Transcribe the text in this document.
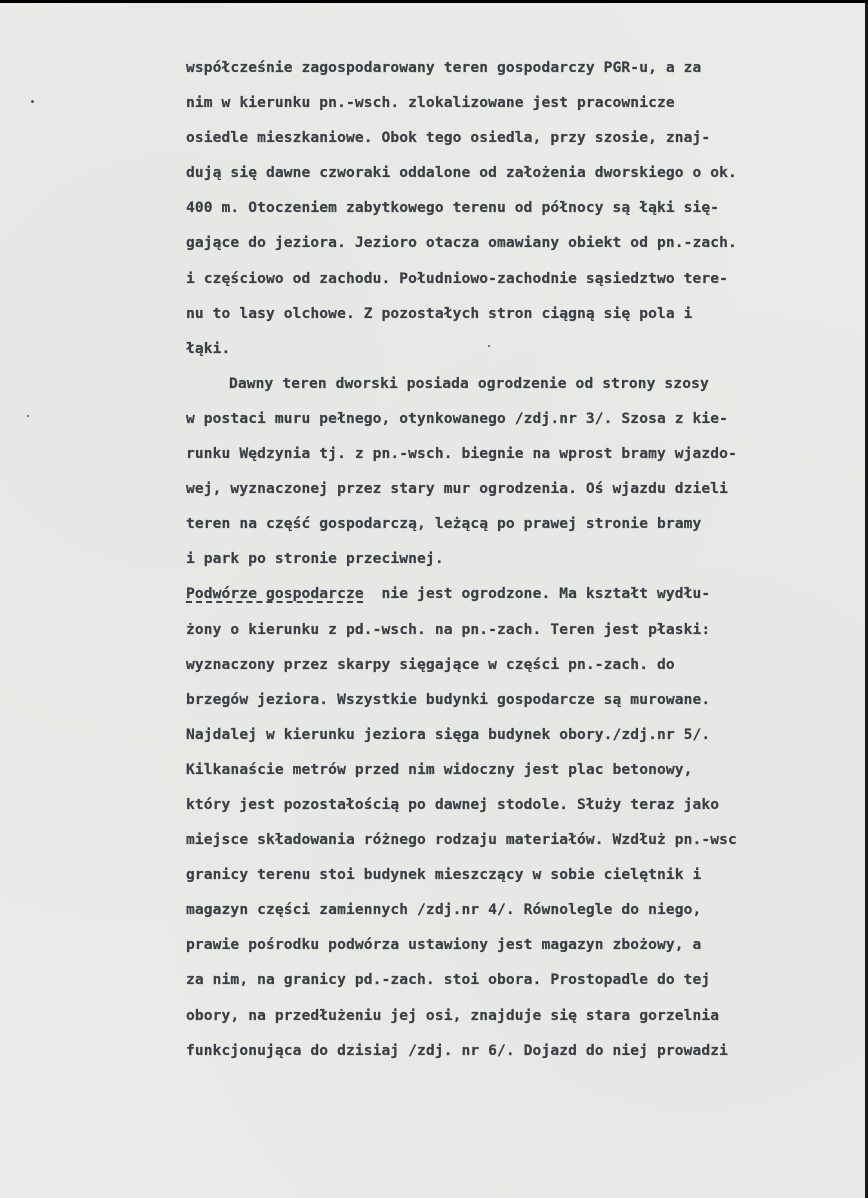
współcześnie zagospodarowany teren gospodarczy PGR-u, a za
nim w kierunku pn.-wsch. zlokalizowane jest pracownicze
osiedle mieszkaniowe. Obok tego osiedla, przy szosie, znaj-
dują się dawne czworaki oddalone od założenia dworskiego o ok.
400 m. Otoczeniem zabytkowego terenu od północy są łąki się-
gające do jeziora. Jezioro otacza omawiany obiekt od pn.-zach.
i częściowo od zachodu. Południowo-zachodnie sąsiedztwo tere-
nu to lasy olchowe. Z pozostałych stron ciągną się pola i
łąki.
Dawny teren dworski posiada ogrodzenie od strony szosy
w postaci muru pełnego, otynkowanego /zdj.nr 3/. Szosa z kie-
runku Wędzynia tj. z pn.-wsch. biegnie na wprost bramy wjazdo-
wej, wyznaczonej przez stary mur ogrodzenia. Oś wjazdu dzieli
teren na część gospodarczą, leżącą po prawej stronie bramy
i park po stronie przeciwnej.
Podwórze gospodarcze  nie jest ogrodzone. Ma kształt wydłu-
żony o kierunku z pd.-wsch. na pn.-zach. Teren jest płaski:
wyznaczony przez skarpy sięgające w części pn.-zach. do
brzegów jeziora. Wszystkie budynki gospodarcze są murowane.
Najdalej w kierunku jeziora sięga budynek obory./zdj.nr 5/.
Kilkanaście metrów przed nim widoczny jest plac betonowy,
który jest pozostałością po dawnej stodole. Służy teraz jako
miejsce składowania różnego rodzaju materiałów. Wzdłuż pn.-wsc
granicy terenu stoi budynek mieszczący w sobie cielętnik i
magazyn części zamiennych /zdj.nr 4/. Równolegle do niego,
prawie pośrodku podwórza ustawiony jest magazyn zbożowy, a
za nim, na granicy pd.-zach. stoi obora. Prostopadle do tej
obory, na przedłużeniu jej osi, znajduje się stara gorzelnia
funkcjonująca do dzisiaj /zdj. nr 6/. Dojazd do niej prowadzi
